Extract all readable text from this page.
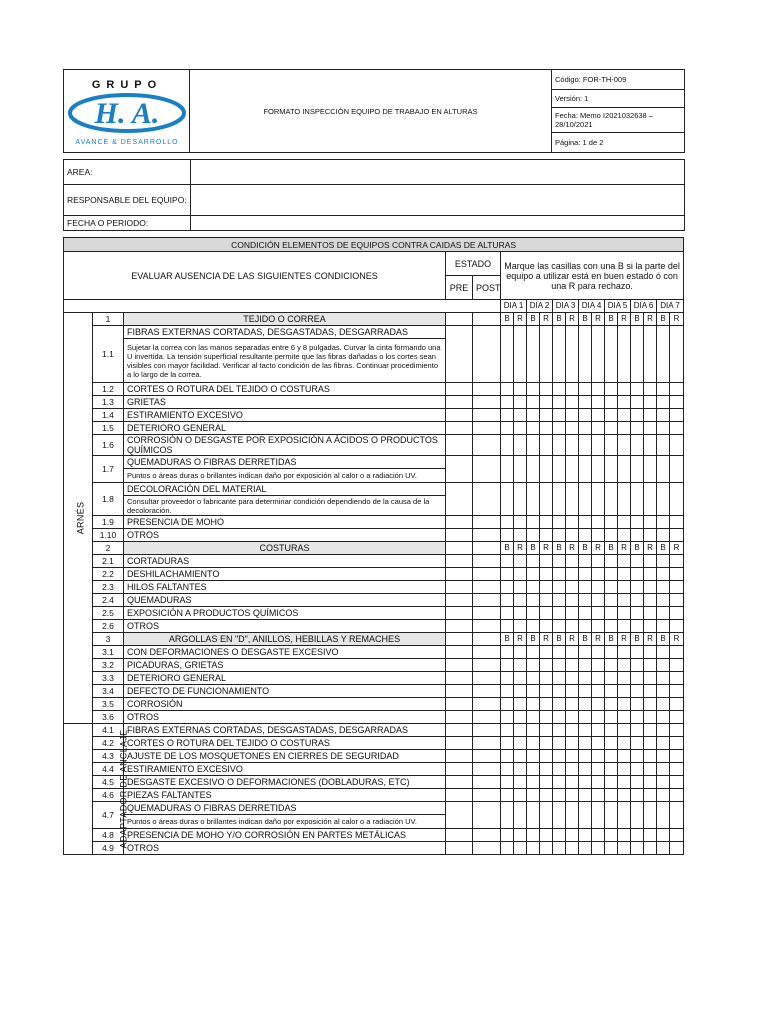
GRUPO
H. A.
AVANCE & DESARROLLO
	FORMATO INSPECCIÓN EQUIPO DE TRABAJO EN ALTURAS	Código: FOR-TH-009
Versión: 1
Fecha: Memo I2021032638 – 28/10/2021
Página: 1 de 2
AREA:	
RESPONSABLE DEL EQUIPO:	
FECHA O PERIODO:	
CONDICIÓN ELEMENTOS DE EQUIPOS CONTRA CAIDAS DE ALTURAS																		
EVALUAR AUSENCIA DE LAS SIGUIENTES CONDICIONES			ESTADO		Marque las casillas con una B si la parte del equipo a utilizar está en buen estado ó con una R para rechazo.													
			PRE	POST														
					DIA 1		DIA 2		DIA 3		DIA 4		DIA 5		DIA 6		DIA 7	
ARNÉS	1	TEJIDO O CORREA			B	R	B	R	B	R	B	R	B	R	B	R	B	R
	1.1	FIBRAS EXTERNAS CORTADAS, DESGASTADAS, DESGARRADAS																
		Sujetar la correa con las manos separadas entre 6 y 8 pulgadas. Curvar la cinta formando una U invertida. La tensión superficial resultante permite que las fibras dañadas o los cortes sean visibles con mayor facilidad. Verificar al tacto condición de las fibras. Continuar procedimiento a lo largo de la correa.																
	1.2	CORTES O ROTURA DEL TEJIDO O COSTURAS																
	1.3	GRIETAS																
	1.4	ESTIRAMIENTO EXCESIVO																
	1.5	DETERIORO GENERAL																
	1.6	CORROSIÓN O DESGASTE POR EXPOSICIÓN A ÁCIDOS O PRODUCTOS QUÍMICOS																
	1.7	QUEMADURAS O FIBRAS DERRETIDAS																
		Puntos o áreas duras o brillantes indican daño por exposición al calor o a radiación UV.																
	1.8	DECOLORACIÓN DEL MATERIAL																
		Consultar proveedor o fabricante para determinar condición dependiendo de la causa de la decoloración.																
	1.9	PRESENCIA DE MOHO																
	1.10	OTROS																
	2	COSTURAS			B	R	B	R	B	R	B	R	B	R	B	R	B	R
	2.1	CORTADURAS																
	2.2	DESHILACHAMIENTO																
	2.3	HILOS FALTANTES																
	2.4	QUEMADURAS																
	2.5	EXPOSICIÓN A PRODUCTOS QUÍMICOS																
	2.6	OTROS																
	3	ARGOLLAS EN "D", ANILLOS, HEBILLAS Y REMACHES			B	R	B	R	B	R	B	R	B	R	B	R	B	R
	3.1	CON DEFORMACIONES O DESGASTE EXCESIVO																
	3.2	PICADURAS, GRIETAS																
	3.3	DETERIORO GENERAL																
	3.4	DEFECTO DE FUNCIONAMIENTO																
	3.5	CORROSIÓN																
	3.6	OTROS																
ADAPTADOR DE ANCLAJE	4.1	FIBRAS EXTERNAS CORTADAS, DESGASTADAS, DESGARRADAS																
	4.2	CORTES O ROTURA DEL TEJIDO O COSTURAS																
	4.3	AJUSTE DE LOS MOSQUETONES EN CIERRES DE SEGURIDAD																
	4.4	ESTIRAMIENTO EXCESIVO																
	4.5	DESGASTE EXCESIVO O DEFORMACIONES (DOBLADURAS, ETC)																
	4.6	PIEZAS FALTANTES																
	4.7	QUEMADURAS O FIBRAS DERRETIDAS																
		Puntos o áreas duras o brillantes indican daño por exposición al calor o a radiación UV.																
	4.8	PRESENCIA DE MOHO Y/O CORROSIÓN EN PARTES METÁLICAS																
	4.9	OTROS																
